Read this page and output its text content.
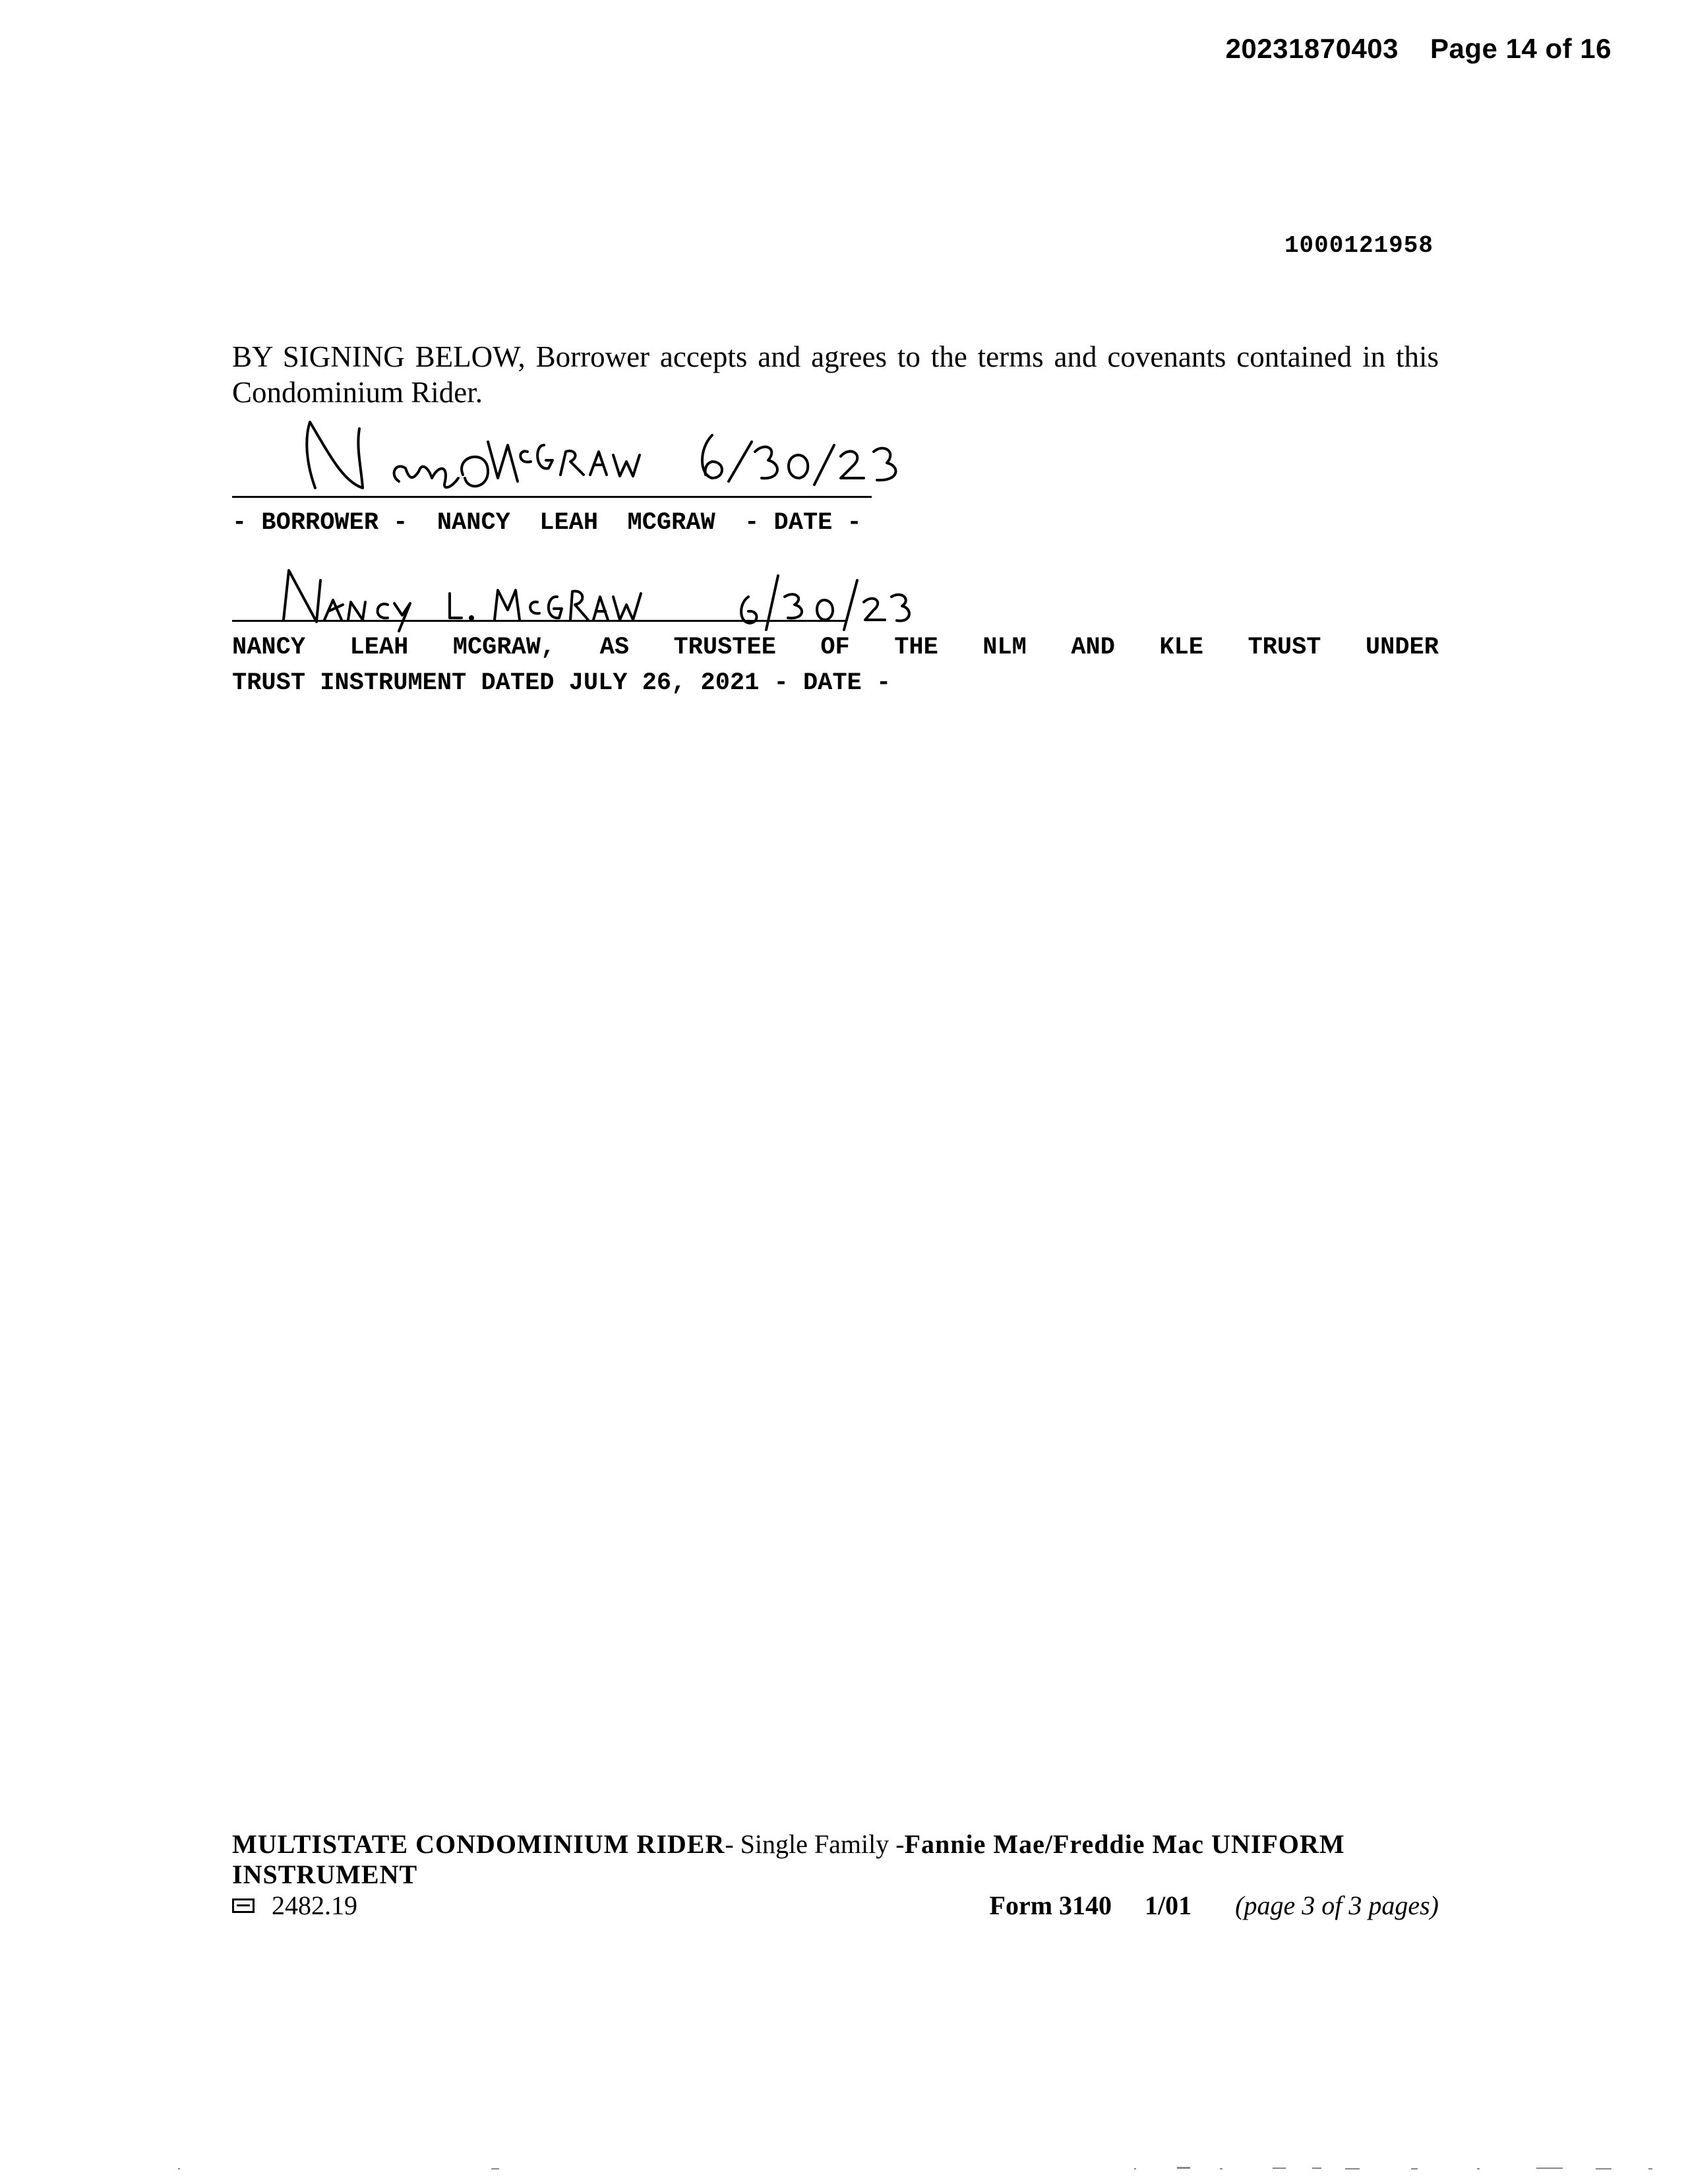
20231870403 Page 14 of 16
1000121958
BY SIGNING BELOW, Borrower accepts and agrees to the terms and covenants contained in this Condominium Rider.
- BORROWER -  NANCY  LEAH  MCGRAW  - DATE -
NANCY LEAH MCGRAW, AS TRUSTEE OF THE NLM AND KLE TRUST UNDER
TRUST INSTRUMENT DATED JULY 26, 2021 - DATE -
MULTISTATE CONDOMINIUM RIDER- Single Family -Fannie Mae/Freddie Mac UNIFORM INSTRUMENT
2482.19	Form 3140 1/01 (page 3 of 3 pages)
